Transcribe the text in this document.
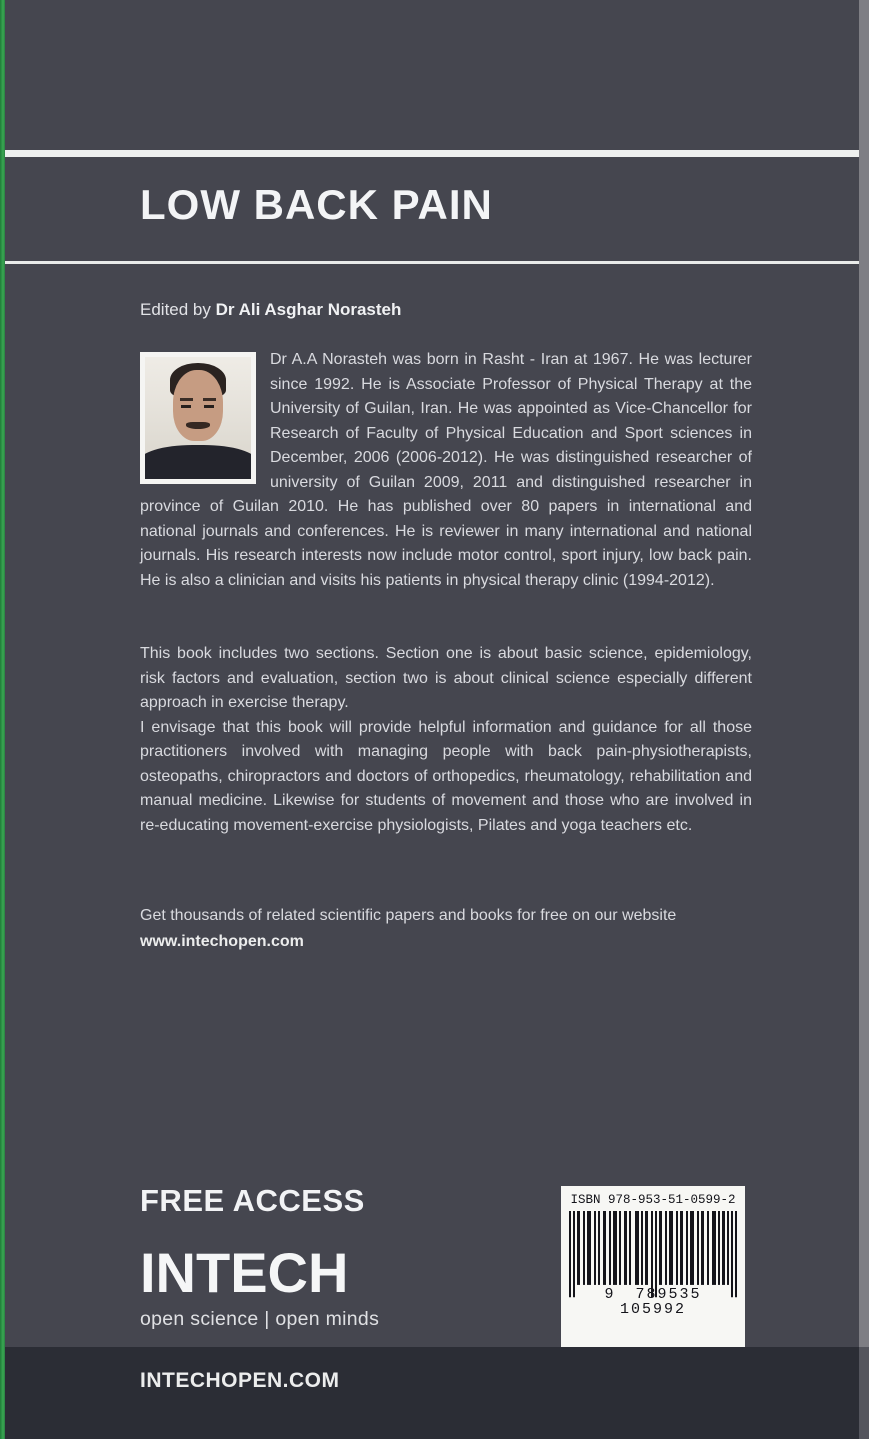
LOW BACK PAIN
Edited by Dr Ali Asghar Norasteh
Dr A.A Norasteh was born in Rasht - Iran at 1967. He was lecturer since 1992. He is Associate Professor of Physical Therapy at the University of Guilan, Iran. He was appointed as Vice-Chancellor for Research of Faculty of Physical Education and Sport sciences in December, 2006 (2006-2012). He was distinguished researcher of university of Guilan 2009, 2011 and distinguished researcher in province of Guilan 2010. He has published over 80 papers in international and national journals and conferences. He is reviewer in many international and national journals. His research interests now include motor control, sport injury, low back pain. He is also a clinician and visits his patients in physical therapy clinic (1994-2012).

This book includes two sections. Section one is about basic science, epidemiology, risk factors and evaluation, section two is about clinical science especially different approach in exercise therapy.

I envisage that this book will provide helpful information and guidance for all those practitioners involved with managing people with back pain-physiotherapists, osteopaths, chiropractors and doctors of orthopedics, rheumatology, rehabilitation and manual medicine. Likewise for students of movement and those who are involved in re-educating movement-exercise physiologists, Pilates and yoga teachers etc.

Get thousands of related scientific papers and books for free on our website
www.intechopen.com
FREE ACCESS
INTECH
open science | open minds
ISBN 978-953-51-0599-2
9 789535 105992
INTECHOPEN.COM
